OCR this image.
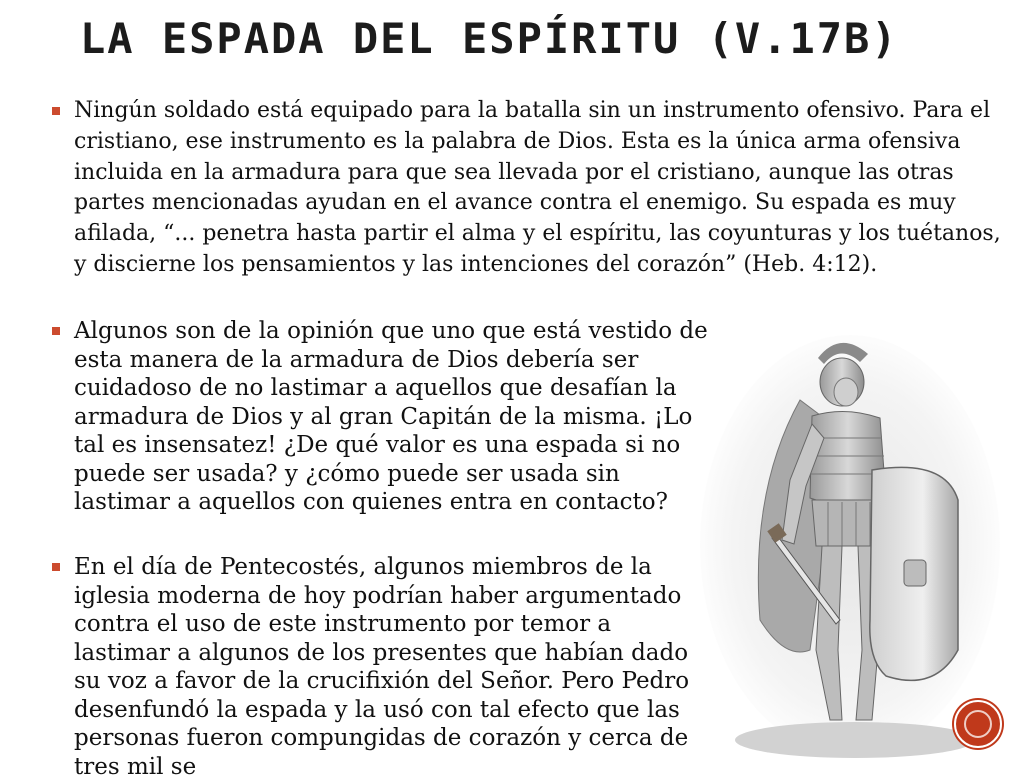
LA ESPADA DEL ESPÍRITU (V.17B)
Ningún soldado está equipado para la batalla sin un instrumento ofensivo. Para el cristiano, ese instrumento es la palabra de Dios. Esta es la única arma ofensiva incluida en la armadura para que sea llevada por el cristiano, aunque las otras partes mencionadas ayudan en el avance contra el enemigo. Su espada es muy afilada, “... penetra hasta partir el alma y el espíritu, las coyunturas y los tuétanos, y discierne los pensamientos y las intenciones del corazón” (Heb. 4:12).
Algunos son de la opinión que uno que está vestido de esta manera de la armadura de Dios debería ser cuidadoso de no lastimar a aquellos que desafían la armadura de Dios y al gran Capitán de la misma. ¡Lo tal es insensatez! ¿De qué valor es una espada si no puede ser usada? y ¿cómo puede ser usada sin lastimar a aquellos con quienes entra en contacto?
En el día de Pentecostés, algunos miembros de la iglesia moderna de hoy podrían haber argumentado contra el uso de este instrumento por temor a lastimar a algunos de los presentes que habían dado su voz a favor de la crucifixión del Señor. Pero Pedro desenfundó la espada y la usó con tal efecto que las personas fueron compungidas de corazón y cerca de tres mil se
